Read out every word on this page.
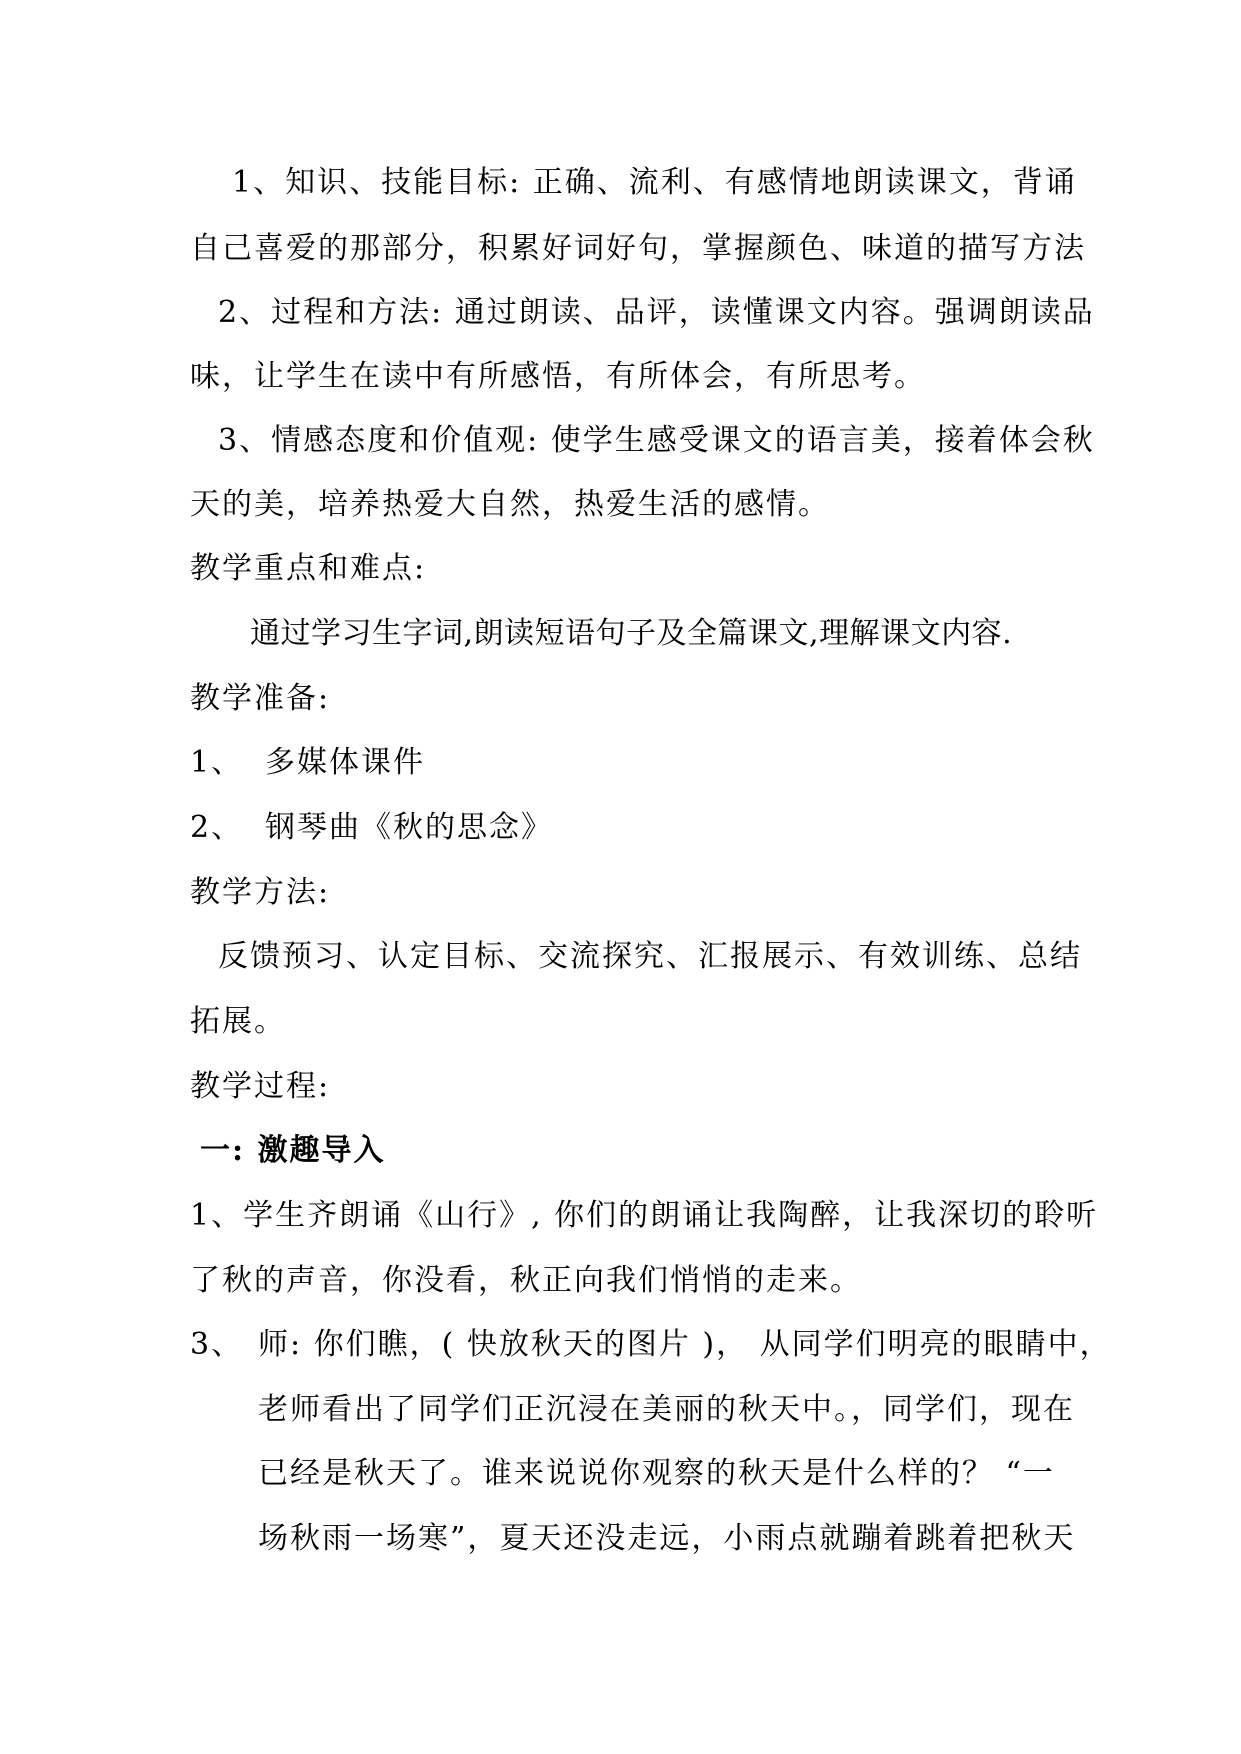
1、知识、技能目标: 正确、流利、有感情地朗读课文，背诵
自己喜爱的那部分，积累好词好句，掌握颜色、味道的描写方法
2、过程和方法: 通过朗读、品评，读懂课文内容。强调朗读品
味，让学生在读中有所感悟，有所体会，有所思考。
3、情感态度和价值观: 使学生感受课文的语言美，接着体会秋
天的美，培养热爱大自然，热爱生活的感情。
教学重点和难点:
通过学习生字词,朗读短语句子及全篇课文,理解课文内容.
教学准备:
1、 多媒体课件
2、 钢琴曲《秋的思念》
教学方法:
反馈预习、认定目标、交流探究、汇报展示、有效训练、总结
拓展。
教学过程:
一: 激趣导入
1、学生齐朗诵《山行》, 你们的朗诵让我陶醉，让我深切的聆听
了秋的声音，你没看，秋正向我们悄悄的走来。
3、 师: 你们瞧，( 快放秋天的图片 )， 从同学们明亮的眼睛中，
老师看出了同学们正沉浸在美丽的秋天中。，同学们，现在
已经是秋天了。谁来说说你观察的秋天是什么样的？ “一
场秋雨一场寒”，夏天还没走远，小雨点就蹦着跳着把秋天
